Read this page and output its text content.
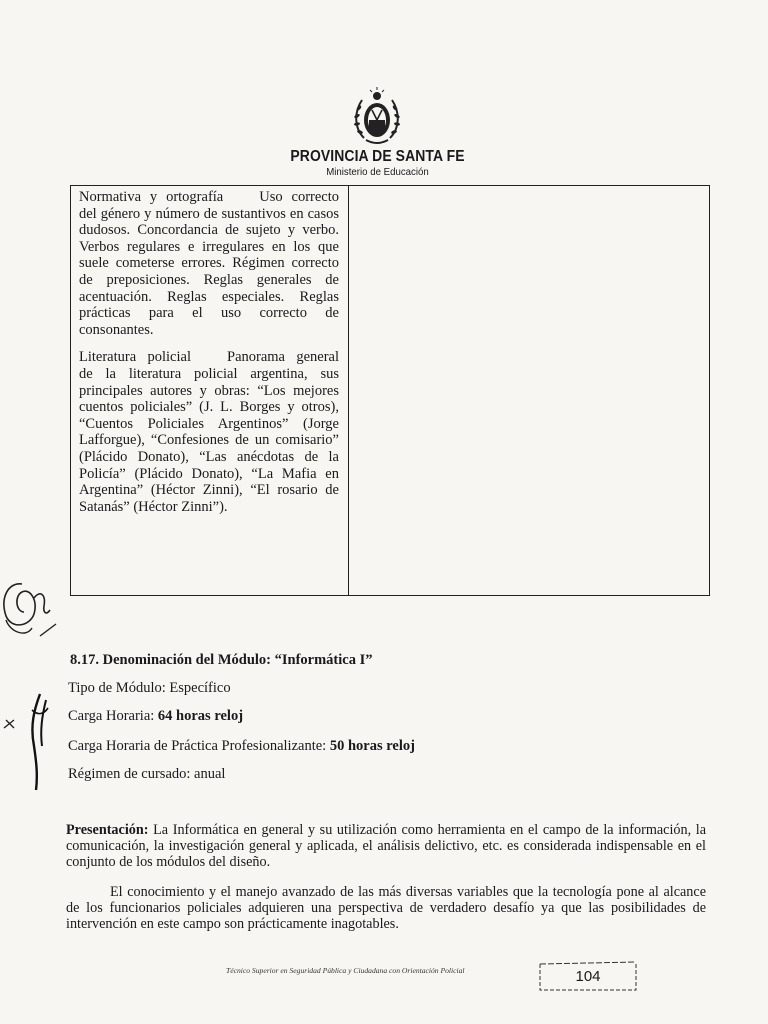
PROVINCIA DE SANTA FE
Ministerio de Educación

Normativa y ortografía Uso correcto del género y número de sustantivos en casos dudosos. Concordancia de sujeto y verbo. Verbos regulares e irregulares en los que suele cometerse errores. Régimen correcto de preposiciones. Reglas generales de acentuación. Reglas especiales. Reglas prácticas para el uso correcto de consonantes.

Literatura policial Panorama general de la literatura policial argentina, sus principales autores y obras: “Los mejores cuentos policiales” (J. L. Borges y otros), “Cuentos Policiales Argentinos” (Jorge Lafforgue), “Confesiones de un comisario” (Plácido Donato), “Las anécdotas de la Policía” (Plácido Donato), “La Mafia en Argentina” (Héctor Zinni), “El rosario de Satanás” (Héctor Zinni”).

8.17. Denominación del Módulo: “Informática I”
Tipo de Módulo: Específico
Carga Horaria: 64 horas reloj
Carga Horaria de Práctica Profesionalizante: 50 horas reloj
Régimen de cursado: anual
Presentación: La Informática en general y su utilización como herramienta en el campo de la información, la comunicación, la investigación general y aplicada, el análisis delictivo, etc. es considerada indispensable en el conjunto de los módulos del diseño.
El conocimiento y el manejo avanzado de las más diversas variables que la tecnología pone al alcance de los funcionarios policiales adquieren una perspectiva de verdadero desafío ya que las posibilidades de intervención en este campo son prácticamente inagotables.
Técnico Superior en Seguridad Pública y Ciudadana con Orientación Policial	104
